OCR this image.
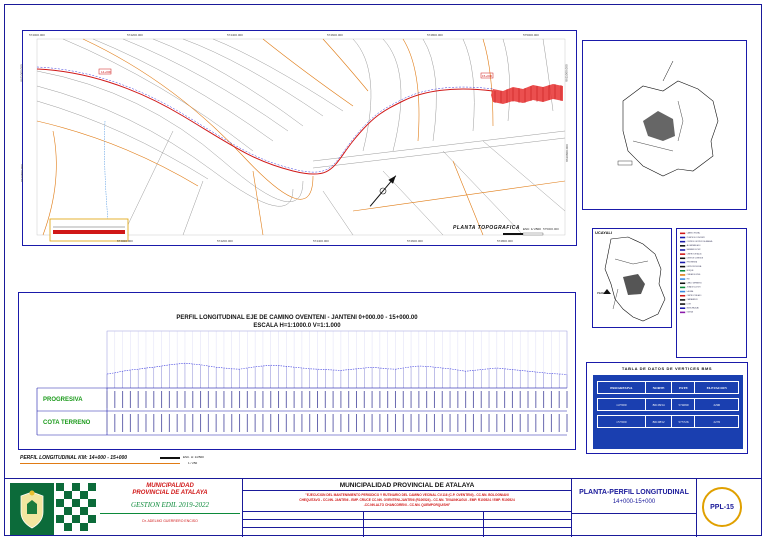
574000.000	574200.000	574400.000	574600.000	574800.000	575000.000
574000.000	574200.000	574400.000	574600.000	574800.000
575000.000
8611000.000
8610800.000
8611000.000
8610800.000
14+000
15+000
PLANTA TOPOGRAFICA ESC: 1/ 2500
UCAYALI
PERU
CAMINO VECINAL
PUENTE DE CONCRETO
CONTROL DE PUNTO DE ATALAYA
ALCANTARILLADO
BADENES DE TMC
CENTRO DE SALUD
LIMITE DE CONEXION
PROGRESIVA
LIMITE PROVINCIAL
BOSQUE
CURVAS DE NIVEL
RIO
CERCO DEFENSIVO
ZONA DE CULTIVO
LAGUNA
CENTRO POBLADO
CAMPAMENTO
LOTE
MUNICIPALIDAD
IGLESIA
TABLA DE DATOS DE VERTICES BMS
PROGRESIVA	NORTE	ESTE	ELEVACION

14+000	8610934	574099	2296

15+000	8610832	573726	2276
PERFIL LONGITUDINAL EJE DE CAMINO OVENTENI - JANTENI 0+000.00 - 15+000.00
ESCALA H=1:1000.0 V=1:1.000
PROGRESIVA
COTA TERRENO
PERFIL LONGITUDINAL KM: 14+000 - 15+000	ESC. H: 1/2500
1 / 250
MUNICIPALIDAD
PROVINCIAL DE ATALAYA
GESTION EDIL 2019-2022
Dr. ADELMO GUERRERO ENCISO
MUNICIPALIDAD PROVINCIAL DE ATALAYA
"EJECUCION DEL MANTENIMIENTO PERIODICO Y RUTINARIO DEL CAMINO VECINAL CV.116 (C.P. OVENTENI) - CC.NN. BOLOGNIANI
CHEQUITAVO - CC.NN. JANTENI - EMP. CRUCE CC.NN. OVENTENI-JANTENI (R100524) - CC.NN. TIVIAINKAGUI - EMP. R100524 / EMP. R100524
-CC.NN.ALTO CHANCORENI - CC.NN. QUEMPORQUISHI"
PLANTA-PERFIL LONGITUDINAL
14+000-15+000
PPL-15
